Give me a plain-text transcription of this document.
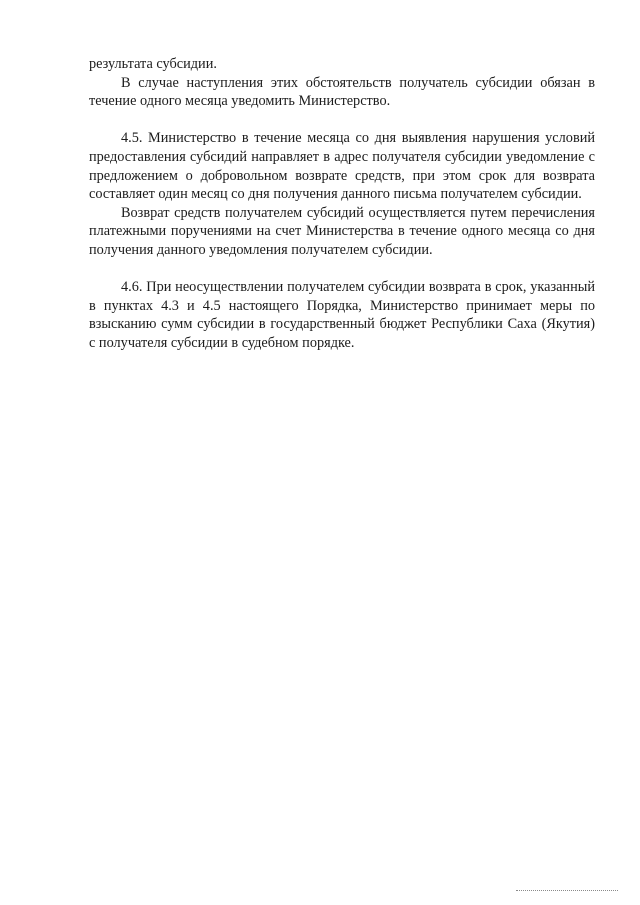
результата субсидии.

В случае наступления этих обстоятельств получатель субсидии обязан в течение одного месяца уведомить Министерство.

4.5. Министерство в течение месяца со дня выявления нарушения условий предоставления субсидий направляет в адрес получателя субсидии уведомление с предложением о добровольном возврате средств, при этом срок для возврата составляет один месяц со дня получения данного письма получателем субсидии.

Возврат средств получателем субсидий осуществляется путем перечисления платежными поручениями на счет Министерства в течение одного месяца со дня получения данного уведомления получателем субсидии.

4.6. При неосуществлении получателем субсидии возврата в срок, указанный в пунктах 4.3 и 4.5 настоящего Порядка, Министерство принимает меры по взысканию сумм субсидии в государственный бюджет Республики Саха (Якутия) с получателя субсидии в судебном порядке.
